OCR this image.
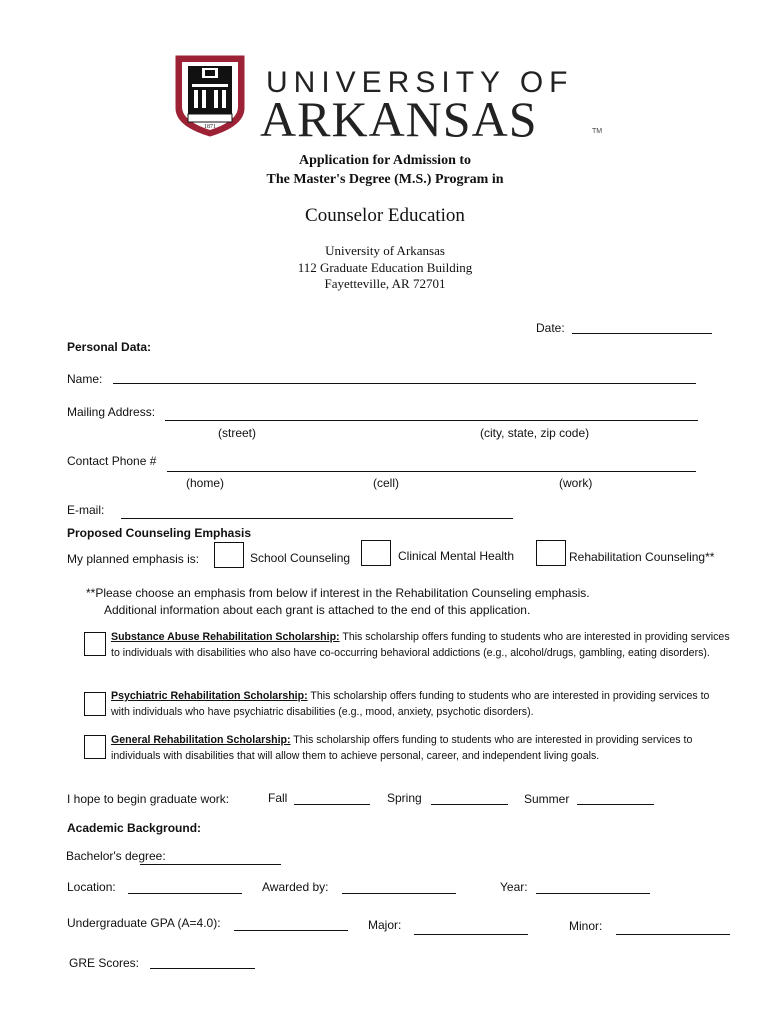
1871
UNIVERSITY OF
ARKANSAS	TM
Application for Admission to
The Master's Degree (M.S.) Program in
Counselor Education
University of Arkansas
112 Graduate Education Building
Fayetteville, AR 72701
Date:
Personal Data:
Name:
Mailing Address:
(street)	(city, state, zip code)
Contact Phone #
(home)	(cell)	(work)
E-mail:
Proposed Counseling Emphasis
My planned emphasis is:	School Counseling	Clinical Mental Health	Rehabilitation Counseling**
**Please choose an emphasis from below if interest in the Rehabilitation Counseling emphasis.
Additional information about each grant is attached to the end of this application.
Substance Abuse Rehabilitation Scholarship: This scholarship offers funding to students who are interested in providing services to individuals with disabilities who also have co-occurring behavioral addictions (e.g., alcohol/drugs, gambling, eating disorders).
Psychiatric Rehabilitation Scholarship: This scholarship offers funding to students who are interested in providing services to with individuals who have psychiatric disabilities (e.g., mood, anxiety, psychotic disorders).
General Rehabilitation Scholarship: This scholarship offers funding to students who are interested in providing services to individuals with disabilities that will allow them to achieve personal, career, and independent living goals.
I hope to begin graduate work:	Fall	Spring	Summer
Academic Background:
Bachelor's degree:
Location:	Awarded by:	Year:
Undergraduate GPA (A=4.0):	Major:	Minor:
GRE Scores:
